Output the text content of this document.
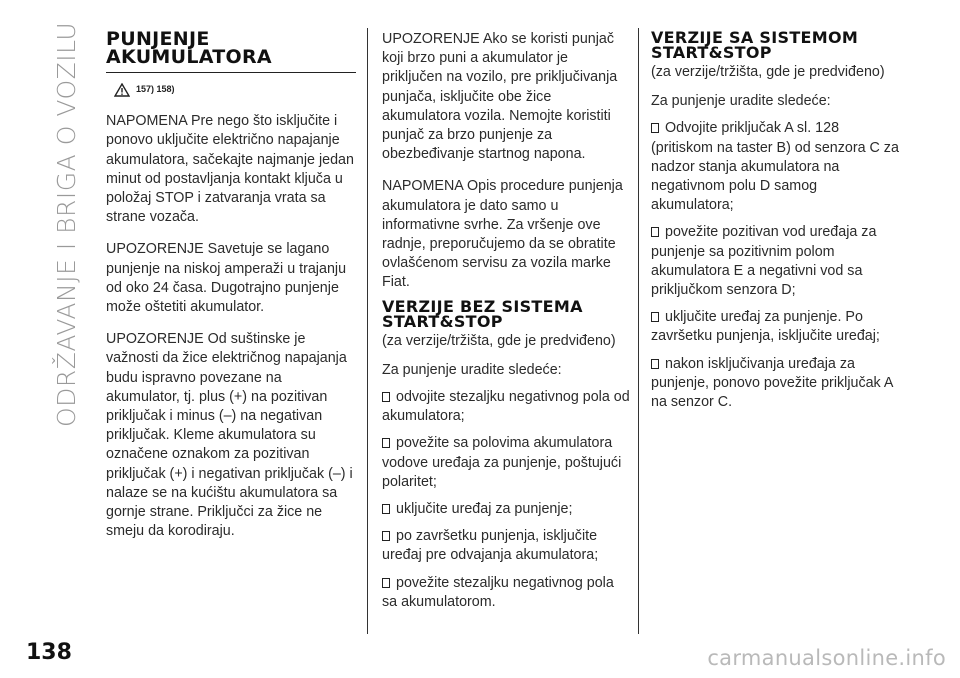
ODRŽAVANJE I BRIGA O VOZILU	PUNJENJE AKUMULATORA
157) 158)

NAPOMENA Pre nego što isključite i ponovo uključite električno napajanje akumulatora, sačekajte najmanje jedan minut od postavljanja kontakt ključa u položaj STOP i zatvaranja vrata sa strane vozača.

UPOZORENJE Savetuje se lagano punjenje na niskoj amperaži u trajanju od oko 24 časa. Dugotrajno punjenje može oštetiti akumulator.

UPOZORENJE Od suštinske je važnosti da žice električnog napajanja budu ispravno povezane na akumulator, tj. plus (+) na pozitivan priključak i minus (–) na negativan priključak. Kleme akumulatora su označene oznakom za pozitivan priključak (+) i negativan priključak (–) i nalaze se na kućištu akumulatora sa gornje strane. Priključci za žice ne smeju da korodiraju.

UPOZORENJE Ako se koristi punjač koji brzo puni a akumulator je priključen na vozilo, pre priključivanja punjača, isključite obe žice akumulatora vozila. Nemojte koristiti punjač za brzo punjenje za obezbeđivanje startnog napona.

NAPOMENA Opis procedure punjenja akumulatora je dato samo u informativne svrhe. Za vršenje ove radnje, preporučujemo da se obratite ovlašćenom servisu za vozila marke Fiat.

VERZIJE BEZ SISTEMA START&STOP
(za verzije/tržišta, gde je predviđeno)

Za punjenje uradite sledeće:

odvojite stezaljku negativnog pola od akumulatora;
povežite sa polovima akumulatora vodove uređaja za punjenje, poštujući polaritet;
uključite uređaj za punjenje;
po završetku punjenja, isključite uređaj pre odvajanja akumulatora;
povežite stezaljku negativnog pola sa akumulatorom.
VERZIJE SA SISTEMOM START&STOP
(za verzije/tržišta, gde je predviđeno)

Za punjenje uradite sledeće:

Odvojite priključak A sl. 128 (pritiskom na taster B) od senzora C za nadzor stanja akumulatora na negativnom polu D samog akumulatora;
povežite pozitivan vod uređaja za punjenje sa pozitivnim polom akumulatora E a negativni vod sa priključkom senzora D;
uključite uređaj za punjenje. Po završetku punjenja, isključite uređaj;
nakon isključivanja uređaja za punjenje, ponovo povežite priključak A na senzor C.
138	carmanualsonline.info
